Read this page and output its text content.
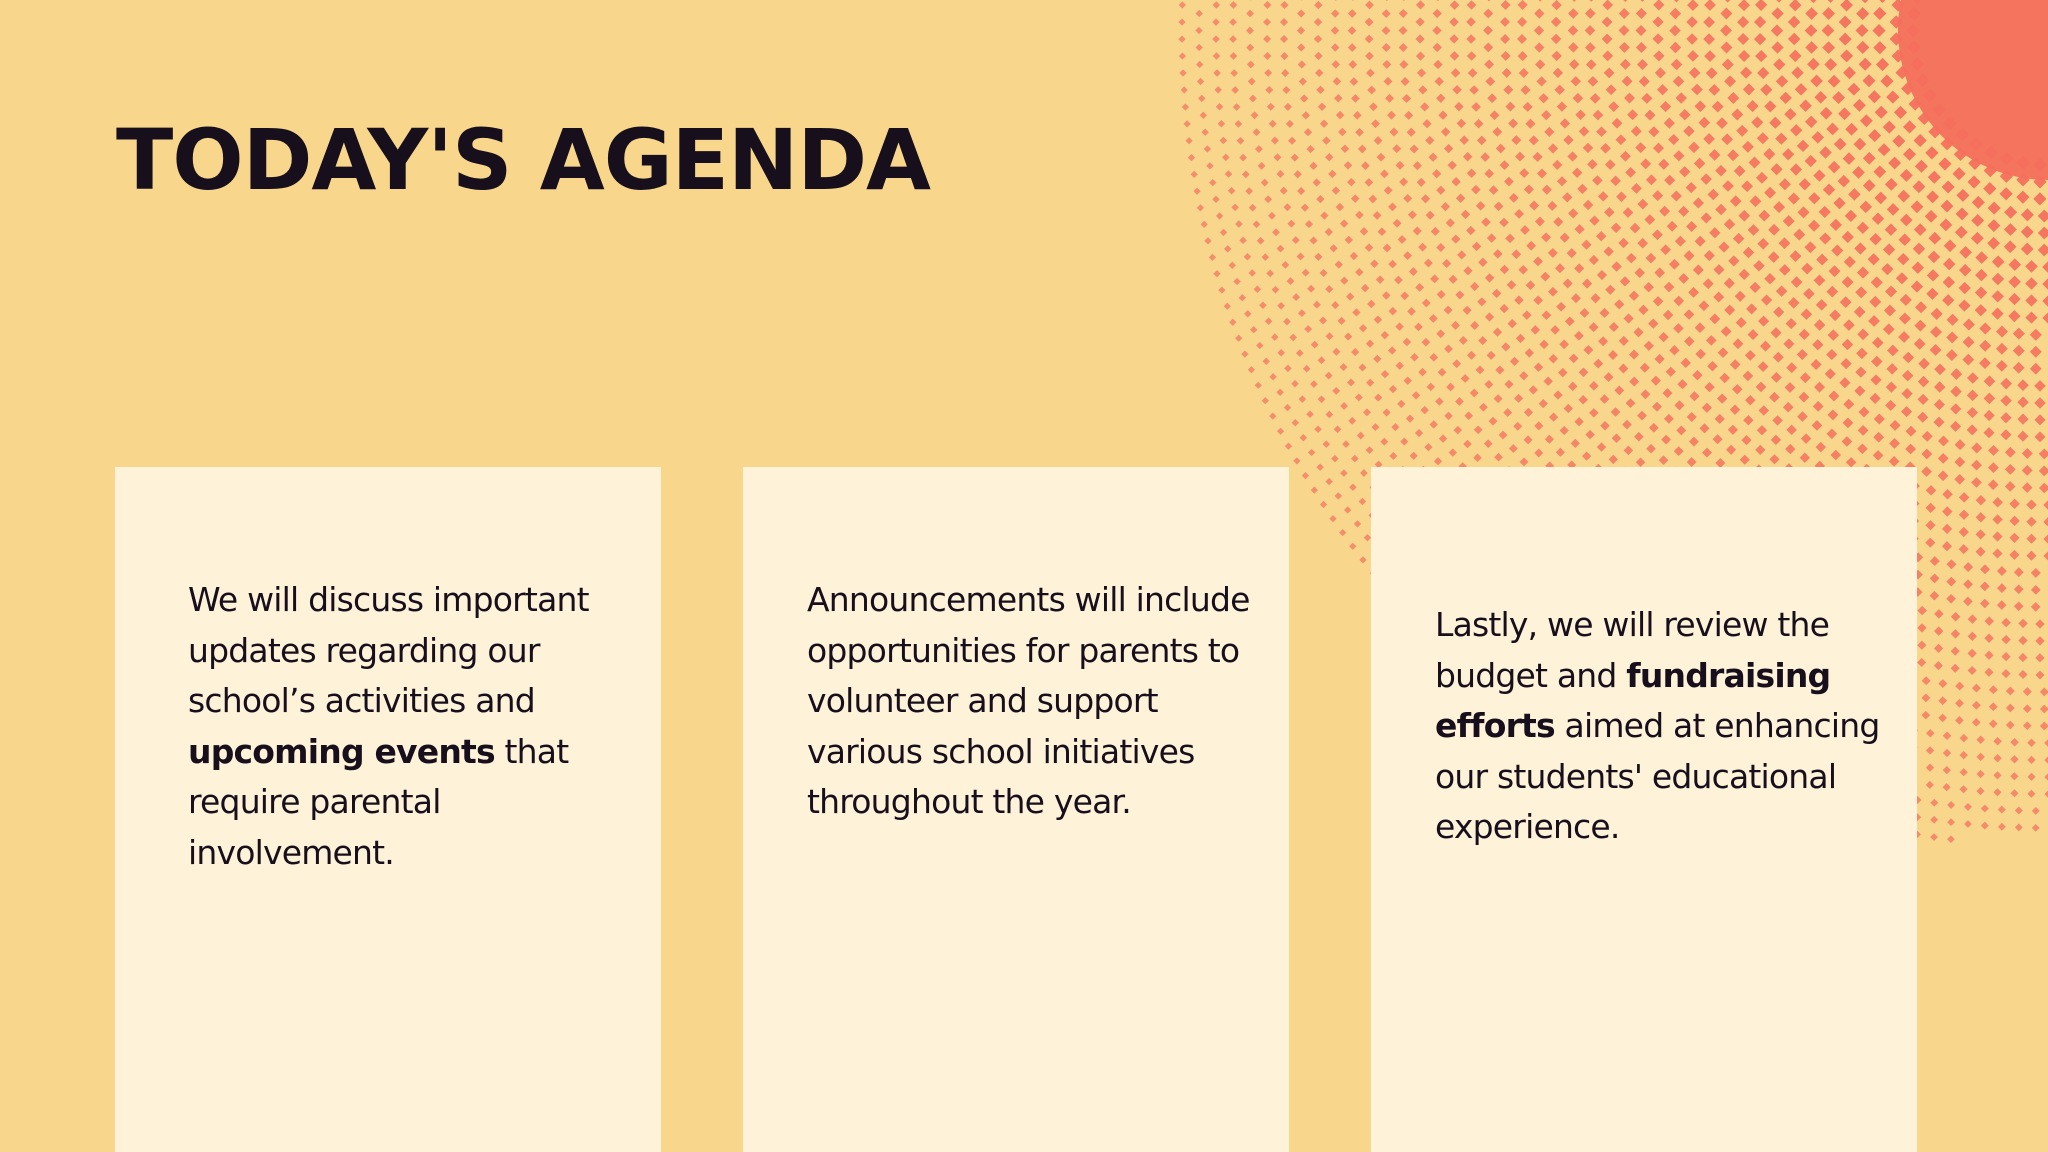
TODAY'S AGENDA

We will discuss important updates regarding our school’s activities and upcoming events that require parental involvement.

Announcements will include opportunities for parents to volunteer and support various school initiatives throughout the year.

Lastly, we will review the budget and fundraising efforts aimed at enhancing our students' educational experience.
